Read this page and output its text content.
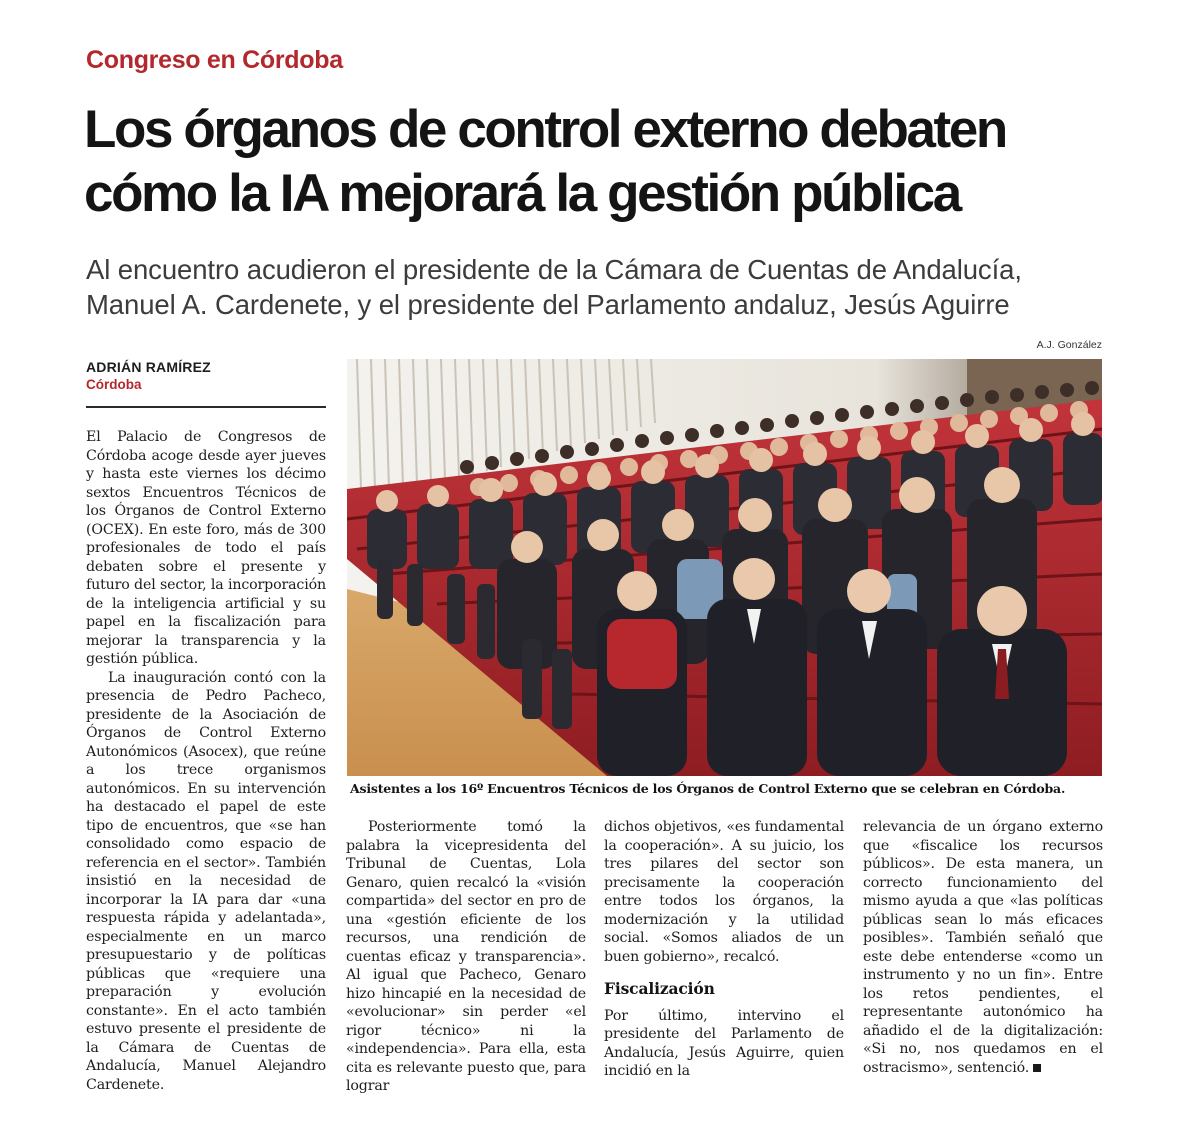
Congreso en Córdoba
Los órganos de control externo debaten
cómo la IA mejorará la gestión pública
Al encuentro acudieron el presidente de la Cámara de Cuentas de Andalucía,
Manuel A. Cardenete, y el presidente del Parlamento andaluz, Jesús Aguirre
ADRIÁN RAMÍREZ
Córdoba
A.J. González
Asistentes a los 16º Encuentros Técnicos de los Órganos de Control Externo que se celebran en Córdoba.

El Palacio de Congresos de Córdoba acoge desde ayer jueves y hasta este viernes los décimo sextos Encuentros Técnicos de los Órganos de Control Externo (OCEX). En este foro, más de 300 profesionales de todo el país debaten sobre el presente y futuro del sector, la incorporación de la inteligencia artificial y su papel en la fiscalización para mejorar la transparencia y la gestión pública.

La inauguración contó con la presencia de Pedro Pacheco, presidente de la Asociación de Órganos de Control Externo Autonómicos (Asocex), que reúne a los trece organismos autonómicos. En su intervención ha destacado el papel de este tipo de encuentros, que «se han consolidado como espacio de referencia en el sector». También insistió en la necesidad de incorporar la IA para dar «una respuesta rápida y adelantada», especialmente en un marco presupuestario y de políticas públicas que «requiere una preparación y evolución constante». En el acto también estuvo presente el presidente de la Cámara de Cuentas de Andalucía, Manuel Alejandro Cardenete.

Posteriormente tomó la palabra la vicepresidenta del Tribunal de Cuentas, Lola Genaro, quien recalcó la «visión compartida» del sector en pro de una «gestión eficiente de los recursos, una rendición de cuentas eficaz y transparencia». Al igual que Pacheco, Genaro hizo hincapié en la necesidad de «evolucionar» sin perder «el rigor técnico» ni la «independencia». Para ella, esta cita es relevante puesto que, para lograr

dichos objetivos, «es fundamental la cooperación». A su juicio, los tres pilares del sector son precisamente la cooperación entre todos los órganos, la modernización y la utilidad social. «Somos aliados de un buen gobierno», recalcó.

Fiscalización

Por último, intervino el presidente del Parlamento de Andalucía, Jesús Aguirre, quien incidió en la

relevancia de un órgano externo que «fiscalice los recursos públicos». De esta manera, un correcto funcionamiento del mismo ayuda a que «las políticas públicas sean lo más eficaces posibles». También señaló que este debe entenderse «como un instrumento y no un fin». Entre los retos pendientes, el representante autonómico ha añadido el de la digitalización: «Si no, nos quedamos en el ostracismo», sentenció.
